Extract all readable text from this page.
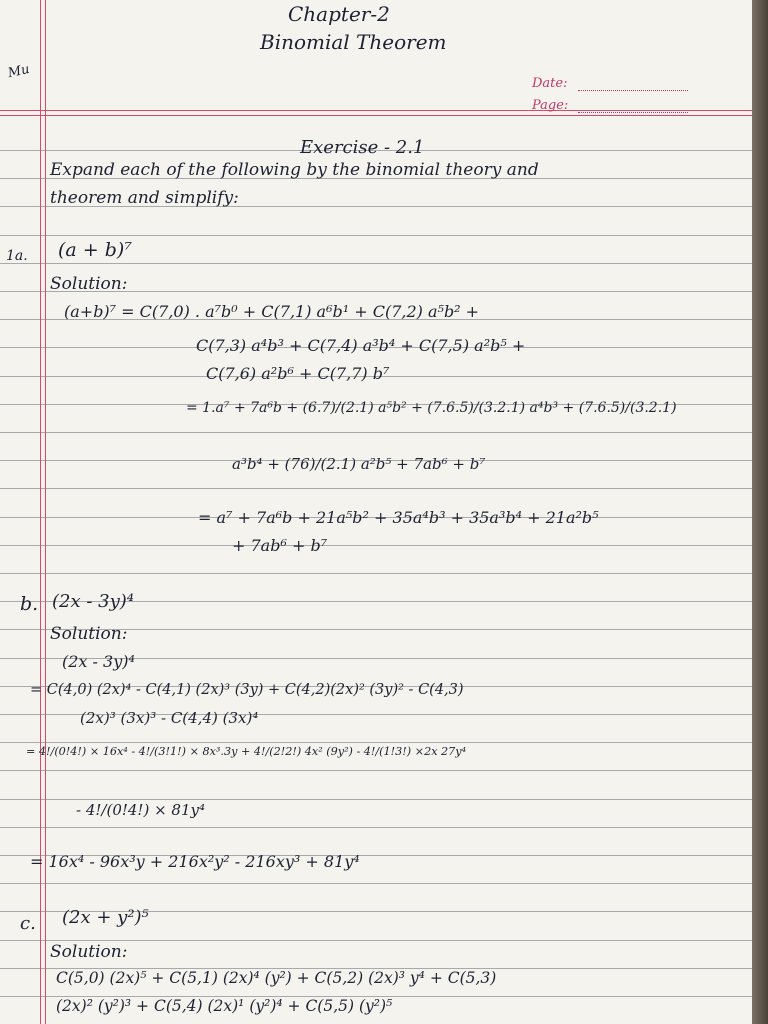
Chapter-2
Binomial Theorem
Mu
Date:
Page:
Exercise - 2.1
Expand each of the following by the binomial theory and
theorem and simplify:
1a. (a + b)⁷
Solution:
(a+b)⁷ = C(7,0) . a⁷b⁰ + C(7,1) a⁶b¹ + C(7,2) a⁵b² +
C(7,3) a⁴b³ + C(7,4) a³b⁴ + C(7,5) a²b⁵ +
C(7,6) a²b⁶ + C(7,7) b⁷
= 1.a⁷ + 7a⁶b + (6.7)/(2.1) a⁵b² + (7.6.5)/(3.2.1) a⁴b³ + (7.6.5)/(3.2.1)
a³b⁴ + (76)/(2.1) a²b⁵ + 7ab⁶ + b⁷
= a⁷ + 7a⁶b + 21a⁵b² + 35a⁴b³ + 35a³b⁴ + 21a²b⁵
+ 7ab⁶ + b⁷
b. (2x - 3y)⁴
Solution:
(2x - 3y)⁴
= C(4,0) (2x)⁴ - C(4,1) (2x)³ (3y) + C(4,2)(2x)² (3y)² - C(4,3)
(2x)³ (3x)³ - C(4,4) (3x)⁴
= 4!/(0!4!) × 16x⁴ - 4!/(3!1!) × 8x³.3y + 4!/(2!2!) 4x² (9y²) - 4!/(1!3!) ×2x 27y⁴
- 4!/(0!4!) × 81y⁴
= 16x⁴ - 96x³y + 216x²y² - 216xy³ + 81y⁴
c. (2x + y²)⁵
Solution:
C(5,0) (2x)⁵ + C(5,1) (2x)⁴ (y²) + C(5,2) (2x)³ y⁴ + C(5,3)
(2x)² (y²)³ + C(5,4) (2x)¹ (y²)⁴ + C(5,5) (y²)⁵
